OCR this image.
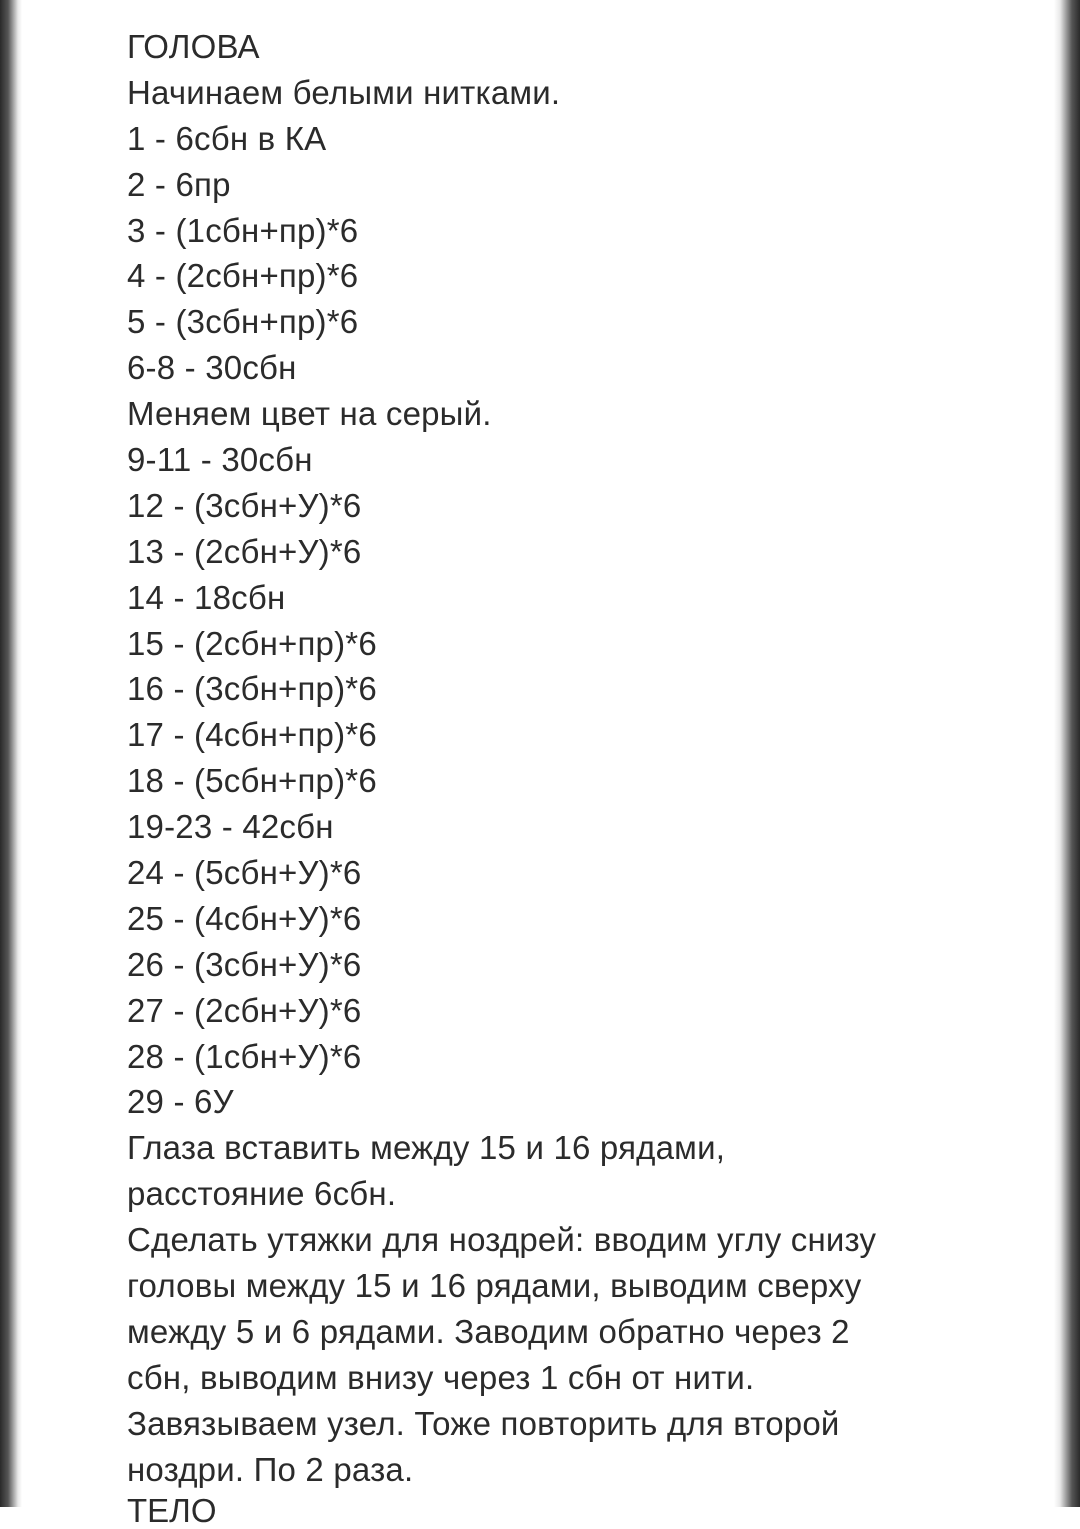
ГОЛОВА
Начинаем белыми нитками.
1 - 6сбн в КА
2 - 6пр
3 - (1сбн+пр)*6
4 - (2сбн+пр)*6
5 - (3сбн+пр)*6
6-8 - 30сбн
Меняем цвет на серый.
9-11 - 30сбн
12 - (3сбн+У)*6
13 - (2сбн+У)*6
14 - 18сбн
15 - (2сбн+пр)*6
16 - (3сбн+пр)*6
17 - (4сбн+пр)*6
18 - (5сбн+пр)*6
19-23 - 42сбн
24 - (5сбн+У)*6
25 - (4сбн+У)*6
26 - (3сбн+У)*6
27 - (2сбн+У)*6
28 - (1сбн+У)*6
29 - 6У
Глаза вставить между 15 и 16 рядами,
расстояние 6сбн.
Сделать утяжки для ноздрей: вводим углу снизу
головы между 15 и 16 рядами, выводим сверху
между 5 и 6 рядами. Заводим обратно через 2
сбн, выводим внизу через 1 сбн от нити.
Завязываем узел. Тоже повторить для второй
ноздри. По 2 раза.
ТЕЛО
